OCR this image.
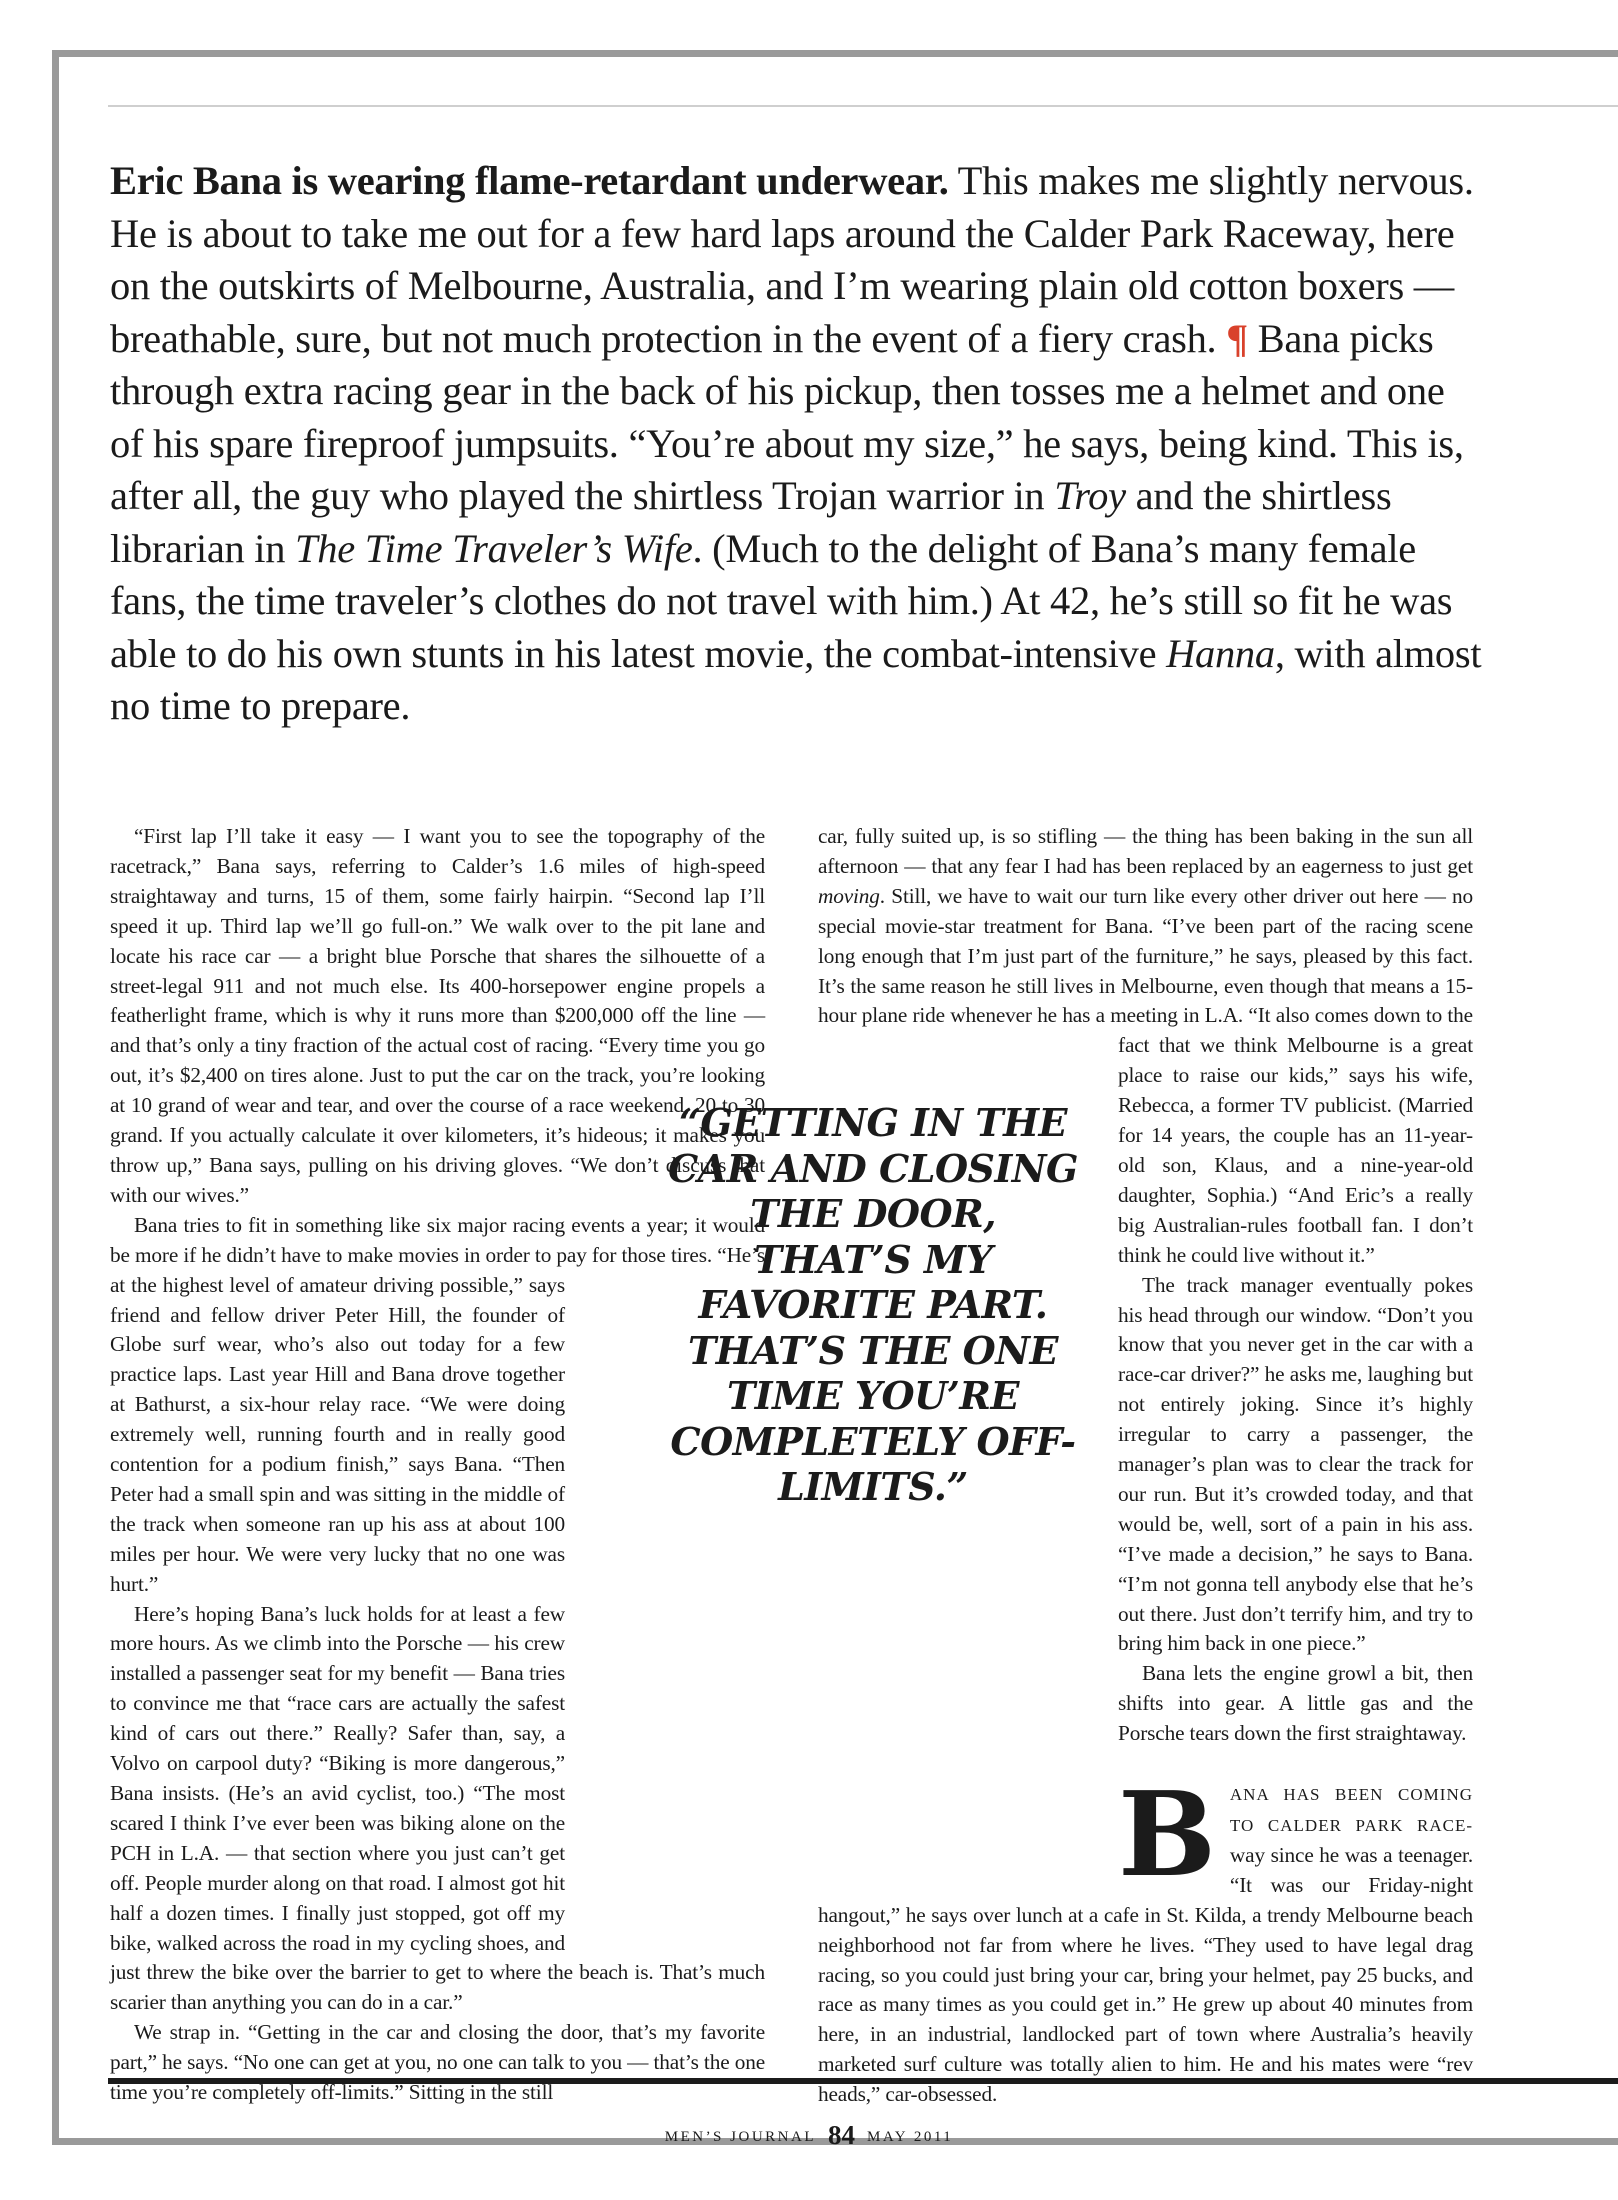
Eric Bana is wearing flame-retardant underwear. This makes me slightly nervous. He is about to take me out for a few hard laps around the Calder Park Raceway, here on the outskirts of Melbourne, Australia, and I’m wearing plain old cotton boxers — breathable, sure, but not much protection in the event of a fiery crash. ¶ Bana picks through extra racing gear in the back of his pickup, then tosses me a helmet and one of his spare fireproof jumpsuits. “You’re about my size,” he says, being kind. This is, after all, the guy who played the shirtless Trojan warrior in Troy and the shirtless librarian in The Time Traveler’s Wife. (Much to the delight of Bana’s many female fans, the time traveler’s clothes do not travel with him.) At 42, he’s still so fit he was able to do his own stunts in his latest movie, the combat-intensive Hanna, with almost no time to prepare.

“First lap I’ll take it easy — I want you to see the topography of the racetrack,” Bana says, referring to Calder’s 1.6 miles of high-speed straightaway and turns, 15 of them, some fairly hairpin. “Second lap I’ll speed it up. Third lap we’ll go full-on.” We walk over to the pit lane and locate his race car — a bright blue Porsche that shares the silhouette of a street-legal 911 and not much else. Its 400-horsepower engine propels a featherlight frame, which is why it runs more than $200,000 off the line — and that’s only a tiny fraction of the actual cost of racing. “Every time you go out, it’s $2,400 on tires alone. Just to put the car on the track, you’re looking at 10 grand of wear and tear, and over the course of a race weekend, 20 to 30 grand. If you actually calculate it over kilometers, it’s hideous; it makes you throw up,” Bana says, pulling on his driving gloves. “We don’t discuss that with our wives.”

Bana tries to fit in something like six major racing events a year; it would be more if he didn’t have to make movies in order to pay for those tires. “He’s at the highest level of amateur driving possible,” says friend and fellow driver Peter Hill, the founder of Globe surf wear, who’s also out today for a few practice laps. Last year Hill and Bana drove together at Bathurst, a six-hour relay race. “We were doing extremely well, running fourth and in really good contention for a podium finish,” says Bana. “Then Peter had a small spin and was sitting in the middle of the track when someone ran up his ass at about 100 miles per hour. We were very lucky that no one was hurt.”

Here’s hoping Bana’s luck holds for at least a few more hours. As we climb into the Porsche — his crew installed a passenger seat for my benefit — Bana tries to convince me that “race cars are actually the safest kind of cars out there.” Really? Safer than, say, a Volvo on carpool duty? “Biking is more dangerous,” Bana insists. (He’s an avid cyclist, too.) “The most scared I think I’ve ever been was biking alone on the PCH in L.A. — that section where you just can’t get off. People murder along on that road. I almost got hit half a dozen times. I finally just stopped, got off my bike, walked across the road in my cycling shoes, and just threw the bike over the barrier to get to where the beach is. That’s much scarier than anything you can do in a car.”

We strap in. “Getting in the car and closing the door, that’s my favorite part,” he says. “No one can get at you, no one can talk to you — that’s the one time you’re completely off-limits.” Sitting in the still

car, fully suited up, is so stifling — the thing has been baking in the sun all afternoon — that any fear I had has been replaced by an eagerness to just get moving. Still, we have to wait our turn like every other driver out here — no special movie-star treatment for Bana. “I’ve been part of the racing scene long enough that I’m just part of the furniture,” he says, pleased by this fact. It’s the same reason he still lives in Melbourne, even though that means a 15-hour plane ride whenever he has a meeting in L.A. “It also comes down to the fact that we think Melbourne is a great place to raise our kids,” says his wife, Rebecca, a former TV publicist. (Married for 14 years, the couple has an 11-year-old son, Klaus, and a nine-year-old daughter, Sophia.) “And Eric’s a really big Australian-rules football fan. I don’t think he could live without it.”

The track manager eventually pokes his head through our window. “Don’t you know that you never get in the car with a race-car driver?” he asks me, laughing but not entirely joking. Since it’s highly irregular to carry a passenger, the manager’s plan was to clear the track for our run. But it’s crowded today, and that would be, well, sort of a pain in his ass. “I’ve made a decision,” he says to Bana. “I’m not gonna tell anybody else that he’s out there. Just don’t terrify him, and try to bring him back in one piece.”

Bana lets the engine growl a bit, then shifts into gear. A little gas and the Porsche tears down the first straightaway.

BANA HAS BEEN COMING TO CALDER PARK RACE-way since he was a teenager. “It was our Friday-night hangout,” he says over lunch at a cafe in St. Kilda, a trendy Melbourne beach neighborhood not far from where he lives. “They used to have legal drag racing, so you could just bring your car, bring your helmet, pay 25 bucks, and race as many times as you could get in.” He grew up about 40 minutes from here, in an industrial, landlocked part of town where Australia’s heavily marketed surf culture was totally alien to him. He and his mates were “rev heads,” car-obsessed.

“GETTING IN THE CAR AND CLOSING THE DOOR, THAT’S MY FAVORITE PART. THAT’S THE ONE TIME YOU’RE COMPLETELY OFF-LIMITS.”
MEN’S JOURNAL 84 MAY 2011
